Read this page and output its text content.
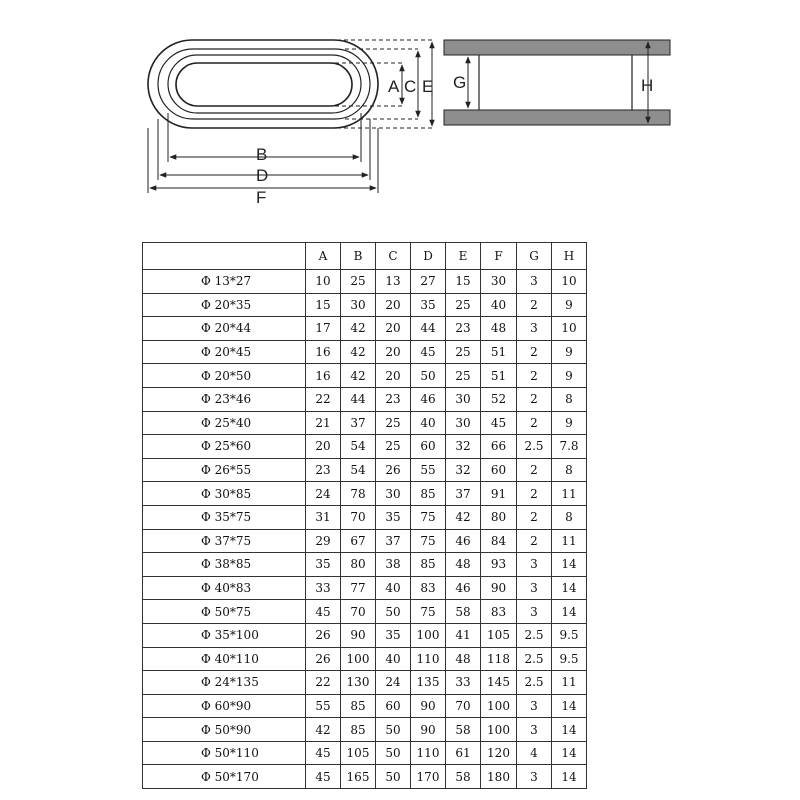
A C E
B
D
F
G	H
	A	B	C	D	E	F	G	H
Φ 13*27	10	25	13	27	15	30	3	10
Φ 20*35	15	30	20	35	25	40	2	9
Φ 20*44	17	42	20	44	23	48	3	10
Φ 20*45	16	42	20	45	25	51	2	9
Φ 20*50	16	42	20	50	25	51	2	9
Φ 23*46	22	44	23	46	30	52	2	8
Φ 25*40	21	37	25	40	30	45	2	9
Φ 25*60	20	54	25	60	32	66	2.5	7.8
Φ 26*55	23	54	26	55	32	60	2	8
Φ 30*85	24	78	30	85	37	91	2	11
Φ 35*75	31	70	35	75	42	80	2	8
Φ 37*75	29	67	37	75	46	84	2	11
Φ 38*85	35	80	38	85	48	93	3	14
Φ 40*83	33	77	40	83	46	90	3	14
Φ 50*75	45	70	50	75	58	83	3	14
Φ 35*100	26	90	35	100	41	105	2.5	9.5
Φ 40*110	26	100	40	110	48	118	2.5	9.5
Φ 24*135	22	130	24	135	33	145	2.5	11
Φ 60*90	55	85	60	90	70	100	3	14
Φ 50*90	42	85	50	90	58	100	3	14
Φ 50*110	45	105	50	110	61	120	4	14
Φ 50*170	45	165	50	170	58	180	3	14
